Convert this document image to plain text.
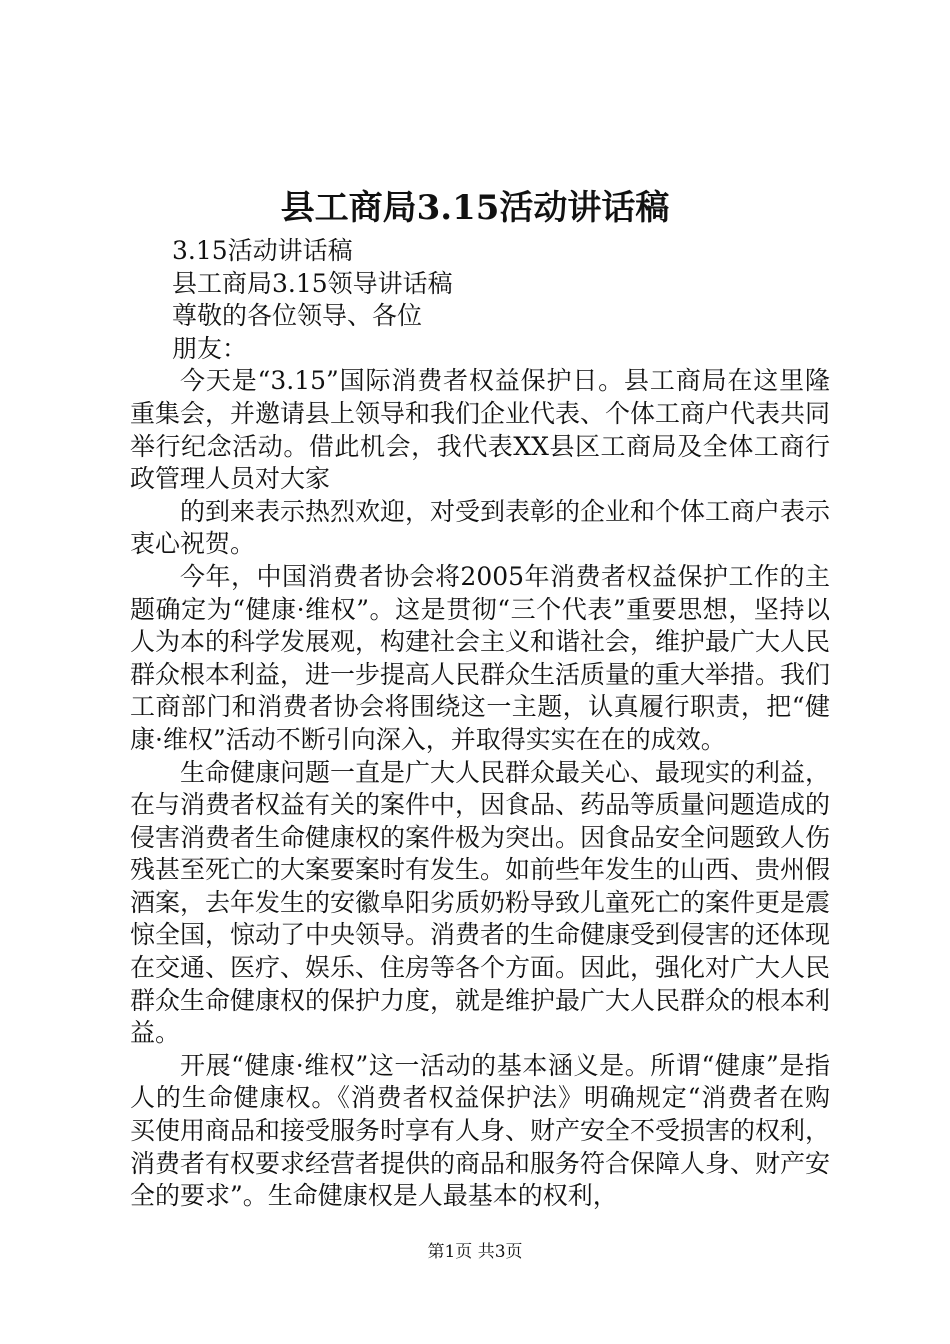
县工商局3.15活动讲话稿

3.15活动讲话稿

县工商局3.15领导讲话稿

尊敬的各位领导、各位

朋友：

今天是“3.15”国际消费者权益保护日。县工商局在这里隆重集会，并邀请县上领导和我们企业代表、个体工商户代表共同举行纪念活动。借此机会，我代表XX县区工商局及全体工商行政管理人员对大家

的到来表示热烈欢迎，对受到表彰的企业和个体工商户表示衷心祝贺。

今年，中国消费者协会将2005年消费者权益保护工作的主题确定为“健康·维权”。这是贯彻“三个代表”重要思想，坚持以人为本的科学发展观，构建社会主义和谐社会，维护最广大人民群众根本利益，进一步提高人民群众生活质量的重大举措。我们工商部门和消费者协会将围绕这一主题，认真履行职责，把“健康·维权”活动不断引向深入，并取得实实在在的成效。

生命健康问题一直是广大人民群众最关心、最现实的利益，在与消费者权益有关的案件中，因食品、药品等质量问题造成的侵害消费者生命健康权的案件极为突出。因食品安全问题致人伤残甚至死亡的大案要案时有发生。如前些年发生的山西、贵州假酒案，去年发生的安徽阜阳劣质奶粉导致儿童死亡的案件更是震惊全国，惊动了中央领导。消费者的生命健康受到侵害的还体现在交通、医疗、娱乐、住房等各个方面。因此，强化对广大人民群众生命健康权的保护力度，就是维护最广大人民群众的根本利益。

开展“健康·维权”这一活动的基本涵义是。所谓“健康”是指人的生命健康权。《消费者权益保护法》明确规定“消费者在购买使用商品和接受服务时享有人身、财产安全不受损害的权利，消费者有权要求经营者提供的商品和服务符合保障人身、财产安全的要求”。生命健康权是人最基本的权利，

第1页 共3页
